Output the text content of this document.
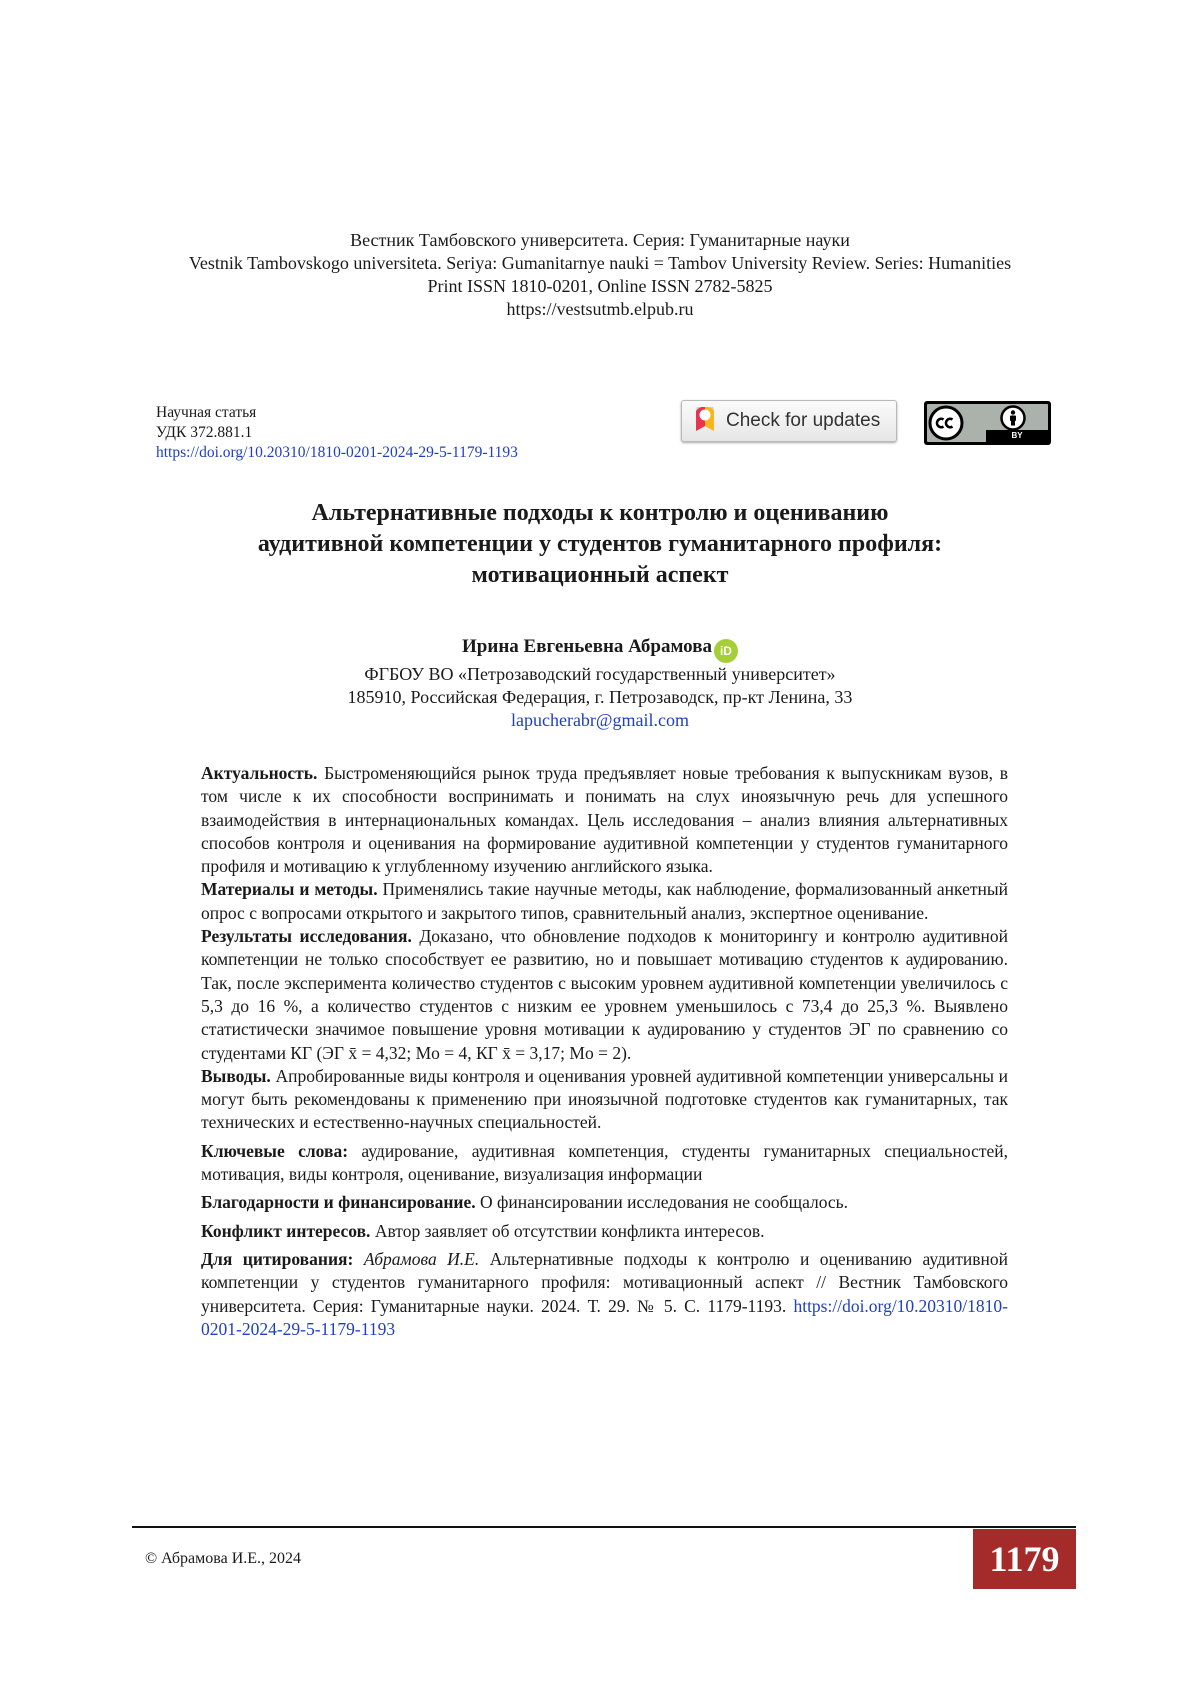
Вестник Тамбовского университета. Серия: Гуманитарные науки
Vestnik Tambovskogo universiteta. Seriya: Gumanitarnye nauki = Tambov University Review. Series: Humanities
Print ISSN 1810-0201, Online ISSN 2782-5825
https://vestsutmb.elpub.ru
Научная статья
УДК 372.881.1
https://doi.org/10.20310/1810-0201-2024-29-5-1179-1193
Check for updates
BY
Альтернативные подходы к контролю и оцениванию
аудитивной компетенции у студентов гуманитарного профиля:
мотивационный аспект
Ирина Евгеньевна Абрамова iD
ФГБОУ ВО «Петрозаводский государственный университет»
185910, Российская Федерация, г. Петрозаводск, пр-кт Ленина, 33
lapucherabr@gmail.com

Актуальность. Быстроменяющийся рынок труда предъявляет новые требования к выпускникам вузов, в том числе к их способности воспринимать и понимать на слух иноязычную речь для успешного взаимодействия в интернациональных командах. Цель исследования – анализ влияния альтернативных способов контроля и оценивания на формирование аудитивной компетенции у студентов гуманитарного профиля и мотивацию к углубленному изучению английского языка.

Материалы и методы. Применялись такие научные методы, как наблюдение, формализованный анкетный опрос с вопросами открытого и закрытого типов, сравнительный анализ, экспертное оценивание.

Результаты исследования. Доказано, что обновление подходов к мониторингу и контролю аудитивной компетенции не только способствует ее развитию, но и повышает мотивацию студентов к аудированию. Так, после эксперимента количество студентов с высоким уровнем аудитивной компетенции увеличилось с 5,3 до 16 %, а количество студентов с низким ее уровнем уменьшилось с 73,4 до 25,3 %. Выявлено статистически значимое повышение уровня мотивации к аудированию у студентов ЭГ по сравнению со студентами КГ (ЭГ x̄ = 4,32; Mo = 4, КГ x̄ = 3,17; Mo = 2).

Выводы. Апробированные виды контроля и оценивания уровней аудитивной компетенции универсальны и могут быть рекомендованы к применению при иноязычной подготовке студентов как гуманитарных, так технических и естественно-научных специальностей.

Ключевые слова: аудирование, аудитивная компетенция, студенты гуманитарных специальностей, мотивация, виды контроля, оценивание, визуализация информации

Благодарности и финансирование. О финансировании исследования не сообщалось.

Конфликт интересов. Автор заявляет об отсутствии конфликта интересов.

Для цитирования: Абрамова И.Е. Альтернативные подходы к контролю и оцениванию аудитивной компетенции у студентов гуманитарного профиля: мотивационный аспект // Вестник Тамбовского университета. Серия: Гуманитарные науки. 2024. Т. 29. № 5. С. 1179-1193. https://doi.org/10.20310/1810-0201-2024-29-5-1179-1193

© Абрамова И.Е., 2024	1179
